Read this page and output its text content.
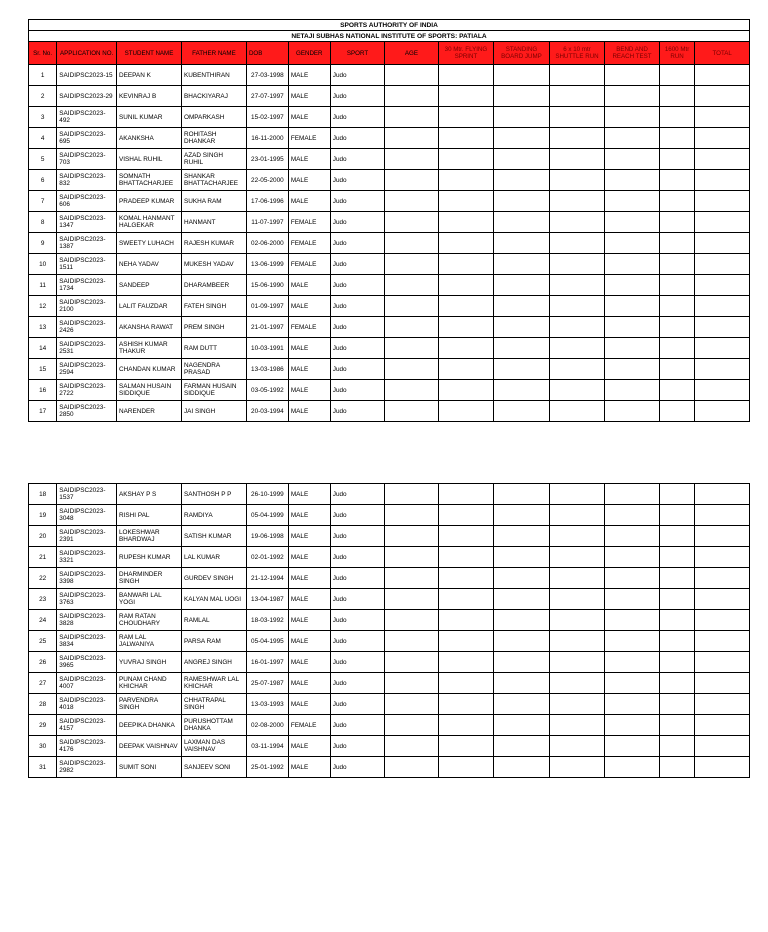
SPORTS AUTHORITY OF INDIA													
NETAJI SUBHAS NATIONAL INSTITUTE OF SPORTS: PATIALA													
Sr. No.	APPLICATION NO.	STUDENT NAME	FATHER NAME	DOB	GENDER	SPORT	AGE	30 Mtr. FLYING SPRINT	STANDING BOARD JUMP	6 x 10 mtr SHUTTLE RUN	BEND AND REACH TEST	1600 Mtr RUN	TOTAL
1	SAIDIPSC2023-15	DEEPAN K	KUBENTHIRAN	27-03-1998	MALE	Judo							
2	SAIDIPSC2023-29	KEVINRAJ B	BHACKIYARAJ	27-07-1997	MALE	Judo							
3	SAIDIPSC2023-492	SUNIL KUMAR	OMPARKASH	15-02-1997	MALE	Judo							
4	SAIDIPSC2023-695	AKANKSHA	ROHITASH DHANKAR	16-11-2000	FEMALE	Judo							
5	SAIDIPSC2023-703	VISHAL RUHIL	AZAD SINGH RUHIL	23-01-1995	MALE	Judo							
6	SAIDIPSC2023-832	SOMNATH BHATTACHARJEE	SHANKAR BHATTACHARJEE	22-05-2000	MALE	Judo							
7	SAIDIPSC2023-606	PRADEEP KUMAR	SUKHA RAM	17-06-1996	MALE	Judo							
8	SAIDIPSC2023-1347	KOMAL HANMANT HALGEKAR	HANMANT	11-07-1997	FEMALE	Judo							
9	SAIDIPSC2023-1387	SWEETY LUHACH	RAJESH KUMAR	02-06-2000	FEMALE	Judo							
10	SAIDIPSC2023-1511	NEHA YADAV	MUKESH YADAV	13-06-1999	FEMALE	Judo							
11	SAIDIPSC2023-1734	SANDEEP	DHARAMBEER	15-06-1990	MALE	Judo							
12	SAIDIPSC2023-2100	LALIT FAUZDAR	FATEH SINGH	01-09-1997	MALE	Judo							
13	SAIDIPSC2023-2426	AKANSHA RAWAT	PREM SINGH	21-01-1997	FEMALE	Judo							
14	SAIDIPSC2023-2531	ASHISH KUMAR THAKUR	RAM DUTT	10-03-1991	MALE	Judo							
15	SAIDIPSC2023-2594	CHANDAN KUMAR	NAGENDRA PRASAD	13-03-1986	MALE	Judo							
16	SAIDIPSC2023-2722	SALMAN HUSAIN SIDDIQUE	FARMAN HUSAIN SIDDIQUE	03-05-1992	MALE	Judo							
17	SAIDIPSC2023-2850	NARENDER	JAI SINGH	20-03-1994	MALE	Judo							
18	SAIDIPSC2023-1537	AKSHAY P S	SANTHOSH P P	26-10-1999	MALE	Judo							
19	SAIDIPSC2023-3048	RISHI PAL	RAMDIYA	05-04-1999	MALE	Judo							
20	SAIDIPSC2023-2391	LOKESHWAR BHARDWAJ	SATISH KUMAR	19-06-1998	MALE	Judo							
21	SAIDIPSC2023-3321	RUPESH KUMAR	LAL KUMAR	02-01-1992	MALE	Judo							
22	SAIDIPSC2023-3398	DHARMINDER SINGH	GURDEV SINGH	21-12-1994	MALE	Judo							
23	SAIDIPSC2023-3763	BANWARI LAL YOGI	KALYAN MAL UOGI	13-04-1987	MALE	Judo							
24	SAIDIPSC2023-3828	RAM RATAN CHOUDHARY	RAMLAL	18-03-1992	MALE	Judo							
25	SAIDIPSC2023-3834	RAM LAL JALWANIYA	PARSA RAM	05-04-1995	MALE	Judo							
26	SAIDIPSC2023-3965	YUVRAJ SINGH	ANGREJ SINGH	16-01-1997	MALE	Judo							
27	SAIDIPSC2023-4007	PUNAM CHAND KHICHAR	RAMESHWAR LAL KHICHAR	25-07-1987	MALE	Judo							
28	SAIDIPSC2023-4018	PARVENDRA SINGH	CHHATRAPAL SINGH	13-03-1993	MALE	Judo							
29	SAIDIPSC2023-4157	DEEPIKA DHANKA	PURUSHOTTAM DHANKA	02-08-2000	FEMALE	Judo							
30	SAIDIPSC2023-4176	DEEPAK VAISHNAV	LAXMAN DAS VAISHNAV	03-11-1994	MALE	Judo							
31	SAIDIPSC2023-2982	SUMIT SONI	SANJEEV SONI	25-01-1992	MALE	Judo							
